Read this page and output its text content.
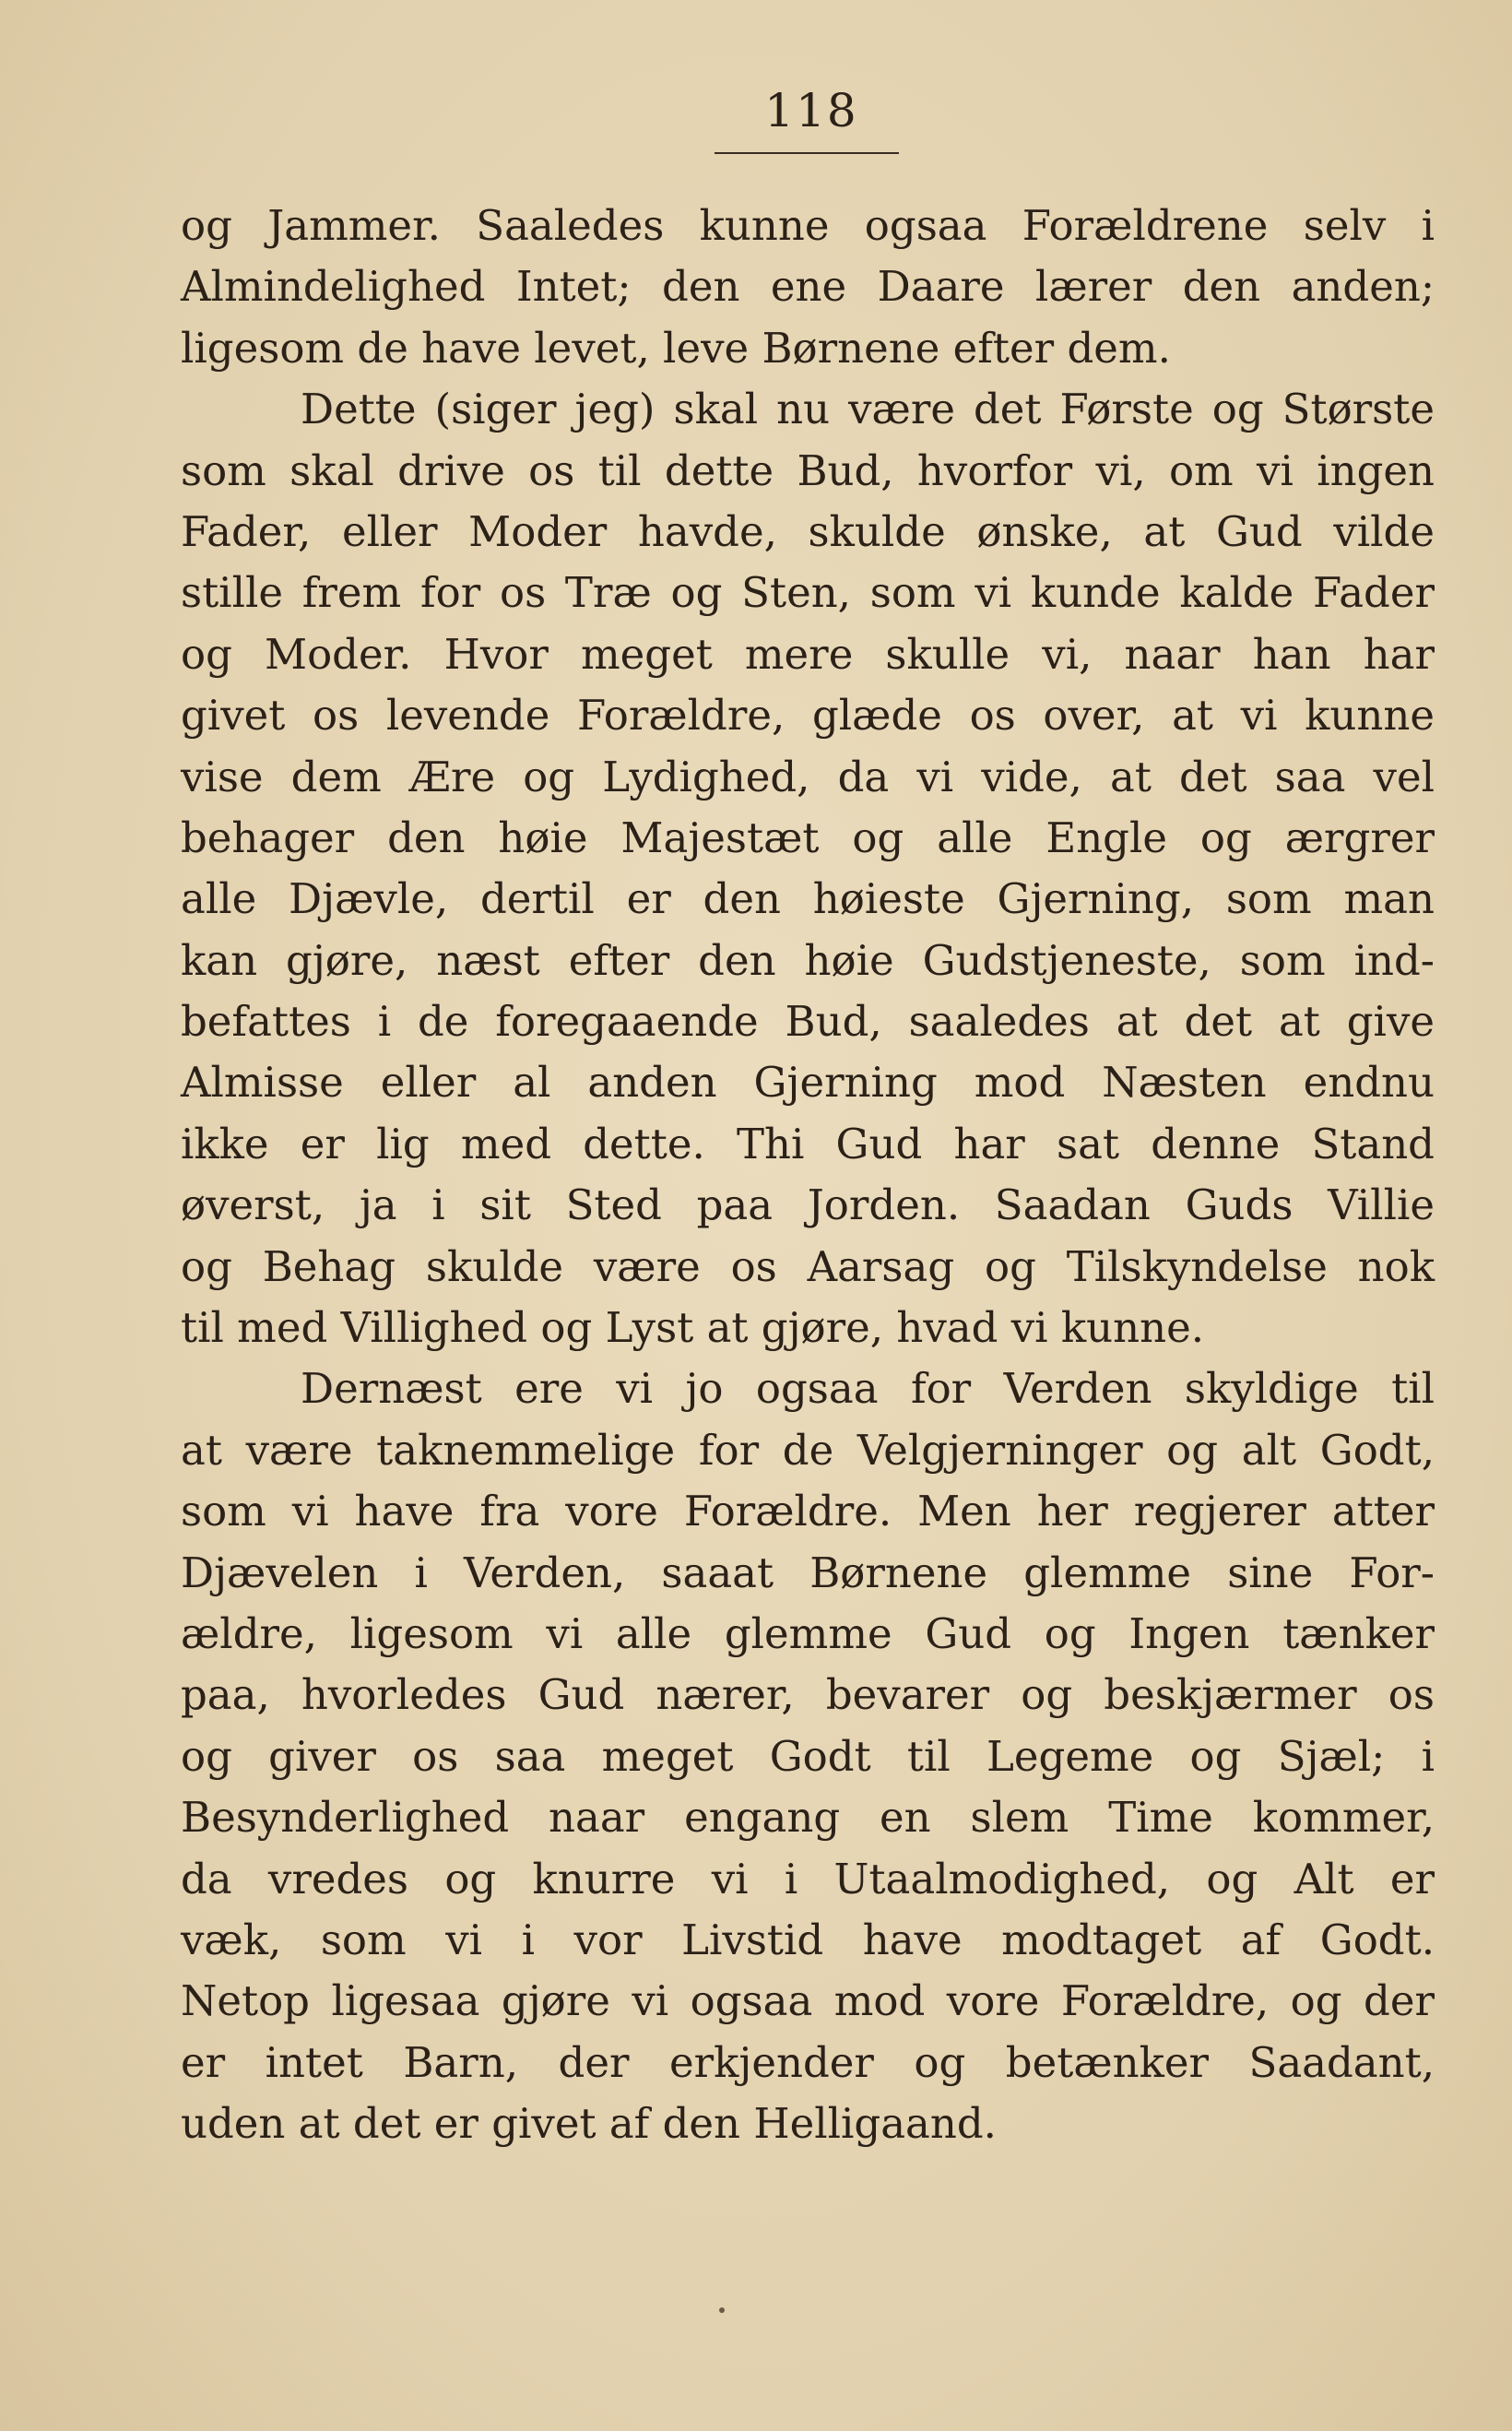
118
og Jammer. Saaledes kunne ogsaa Forældrene selv i
Almindelighed Intet; den ene Daare lærer den anden;
ligesom de have levet, leve Børnene efter dem.
Dette (siger jeg) skal nu være det Første og Største
som skal drive os til dette Bud, hvorfor vi, om vi ingen
Fader, eller Moder havde, skulde ønske, at Gud vilde
stille frem for os Træ og Sten, som vi kunde kalde Fader
og Moder. Hvor meget mere skulle vi, naar han har
givet os levende Forældre, glæde os over, at vi kunne
vise dem Ære og Lydighed, da vi vide, at det saa vel
behager den høie Majestæt og alle Engle og ærgrer
alle Djævle, dertil er den høieste Gjerning, som man
kan gjøre, næst efter den høie Gudstjeneste, som ind-
befattes i de foregaaende Bud, saaledes at det at give
Almisse eller al anden Gjerning mod Næsten endnu
ikke er lig med dette. Thi Gud har sat denne Stand
øverst, ja i sit Sted paa Jorden. Saadan Guds Villie
og Behag skulde være os Aarsag og Tilskyndelse nok
til med Villighed og Lyst at gjøre, hvad vi kunne.
Dernæst ere vi jo ogsaa for Verden skyldige til
at være taknemmelige for de Velgjerninger og alt Godt,
som vi have fra vore Forældre. Men her regjerer atter
Djævelen i Verden, saaat Børnene glemme sine For-
ældre, ligesom vi alle glemme Gud og Ingen tænker
paa, hvorledes Gud nærer, bevarer og beskjærmer os
og giver os saa meget Godt til Legeme og Sjæl; i
Besynderlighed naar engang en slem Time kommer,
da vredes og knurre vi i Utaalmodighed, og Alt er
væk, som vi i vor Livstid have modtaget af Godt.
Netop ligesaa gjøre vi ogsaa mod vore Forældre, og der
er intet Barn, der erkjender og betænker Saadant,
uden at det er givet af den Helligaand.
